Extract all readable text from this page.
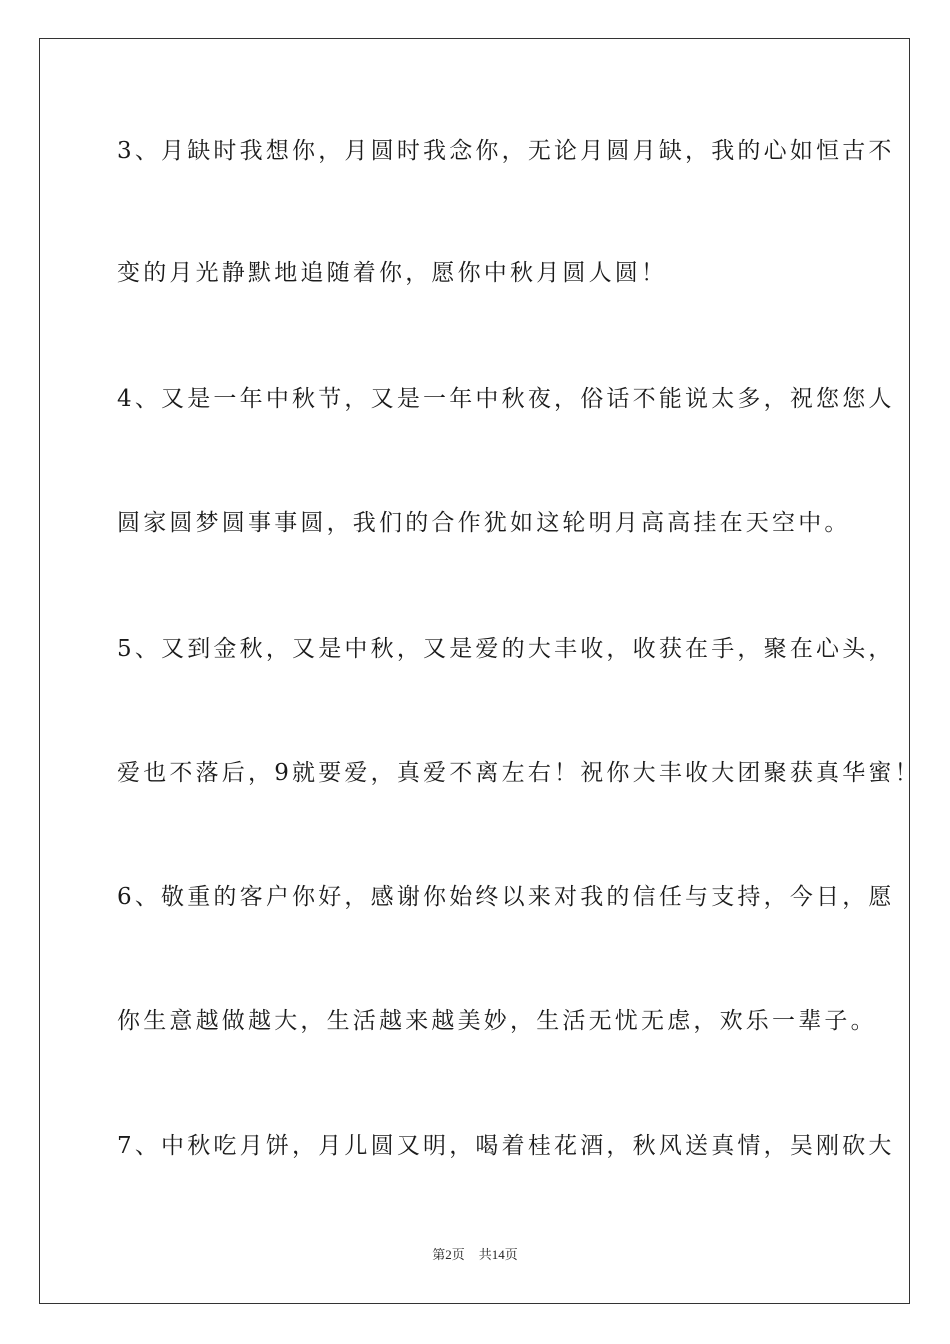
3、月缺时我想你，月圆时我念你，无论月圆月缺，我的心如恒古不
变的月光静默地追随着你，愿你中秋月圆人圆！
4、又是一年中秋节，又是一年中秋夜，俗话不能说太多，祝您您人
圆家圆梦圆事事圆，我们的合作犹如这轮明月高高挂在天空中。
5、又到金秋，又是中秋，又是爱的大丰收，收获在手，聚在心头，
爱也不落后，9就要爱，真爱不离左右！祝你大丰收大团聚获真华蜜！
6、敬重的客户你好，感谢你始终以来对我的信任与支持，今日，愿
你生意越做越大，生活越来越美妙，生活无忧无虑，欢乐一辈子。
7、中秋吃月饼，月儿圆又明，喝着桂花酒，秋风送真情，吴刚砍大
第2页 共14页
